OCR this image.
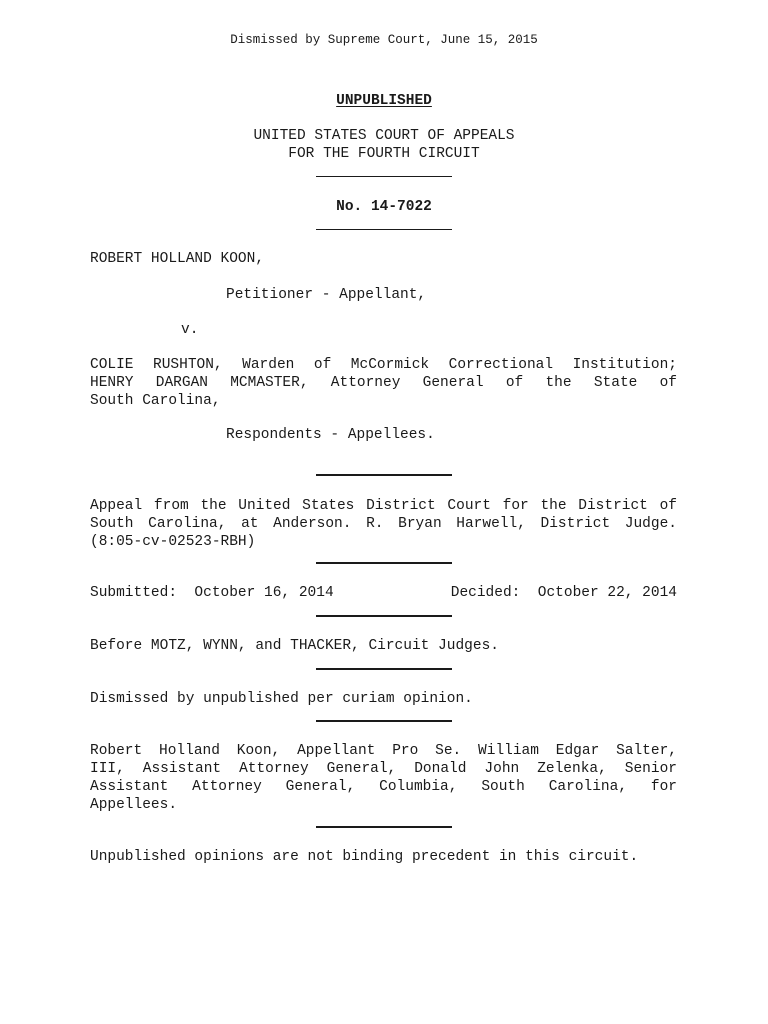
Dismissed by Supreme Court, June 15, 2015
UNPUBLISHED
UNITED STATES COURT OF APPEALS
FOR THE FOURTH CIRCUIT
No. 14-7022
ROBERT HOLLAND KOON,
Petitioner - Appellant,
v.
COLIE RUSHTON, Warden of McCormick Correctional Institution;
HENRY DARGAN MCMASTER, Attorney General of the State of
South Carolina,
Respondents - Appellees.
Appeal from the United States District Court for the District of
South Carolina, at Anderson. R. Bryan Harwell, District Judge.
(8:05-cv-02523-RBH)
Submitted:  October 16, 2014	Decided:  October 22, 2014
Before MOTZ, WYNN, and THACKER, Circuit Judges.
Dismissed by unpublished per curiam opinion.
Robert Holland Koon, Appellant Pro Se. William Edgar Salter,
III, Assistant Attorney General, Donald John Zelenka, Senior
Assistant Attorney General, Columbia, South Carolina, for
Appellees.
Unpublished opinions are not binding precedent in this circuit.
